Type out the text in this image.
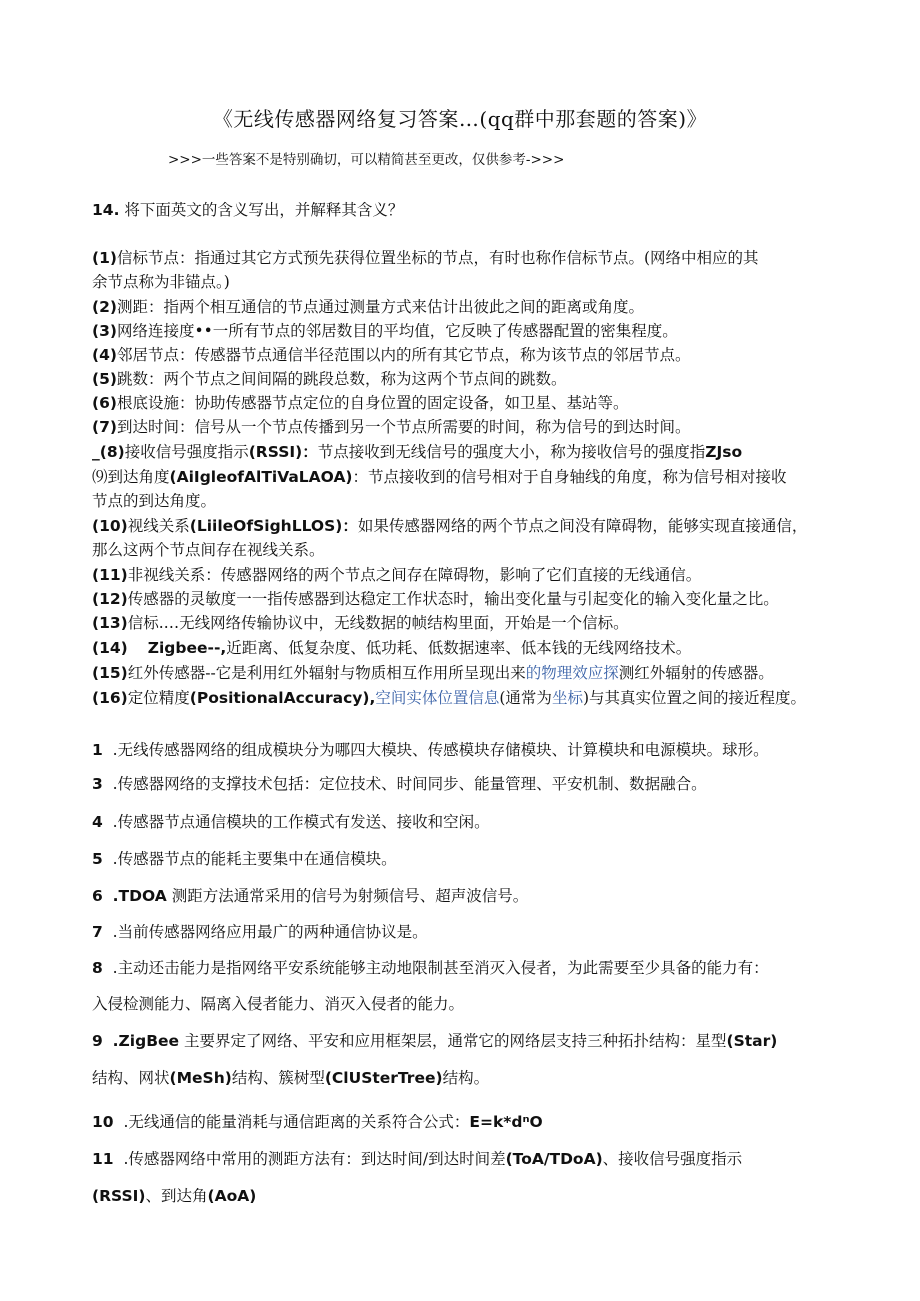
《无线传感器网络复习答案…(qq群中那套题的答案)》
>>>一些答案不是特别确切，可以精简甚至更改，仅供参考->>>
14. 将下面英文的含义写出，并解释其含义？
(1)信标节点：指通过其它方式预先获得位置坐标的节点，有时也称作信标节点。(网络中相应的其
余节点称为非锚点。)
(2)测距：指两个相互通信的节点通过测量方式来估计出彼此之间的距离或角度。
(3)网络连接度••一所有节点的邻居数目的平均值，它反映了传感器配置的密集程度。
(4)邻居节点：传感器节点通信半径范围以内的所有其它节点，称为该节点的邻居节点。
(5)跳数：两个节点之间间隔的跳段总数，称为这两个节点间的跳数。
(6)根底设施：协助传感器节点定位的自身位置的固定设备，如卫星、基站等。
(7)到达时间：信号从一个节点传播到另一个节点所需要的时间，称为信号的到达时间。
_(8)接收信号强度指示(RSSI)：节点接收到无线信号的强度大小，称为接收信号的强度指ZJso
⑼到达角度(AiIgleofAlTiVaLAOA)：节点接收到的信号相对于自身轴线的角度，称为信号相对接收
节点的到达角度。
(10)视线关系(LiileOfSighLLOS)：如果传感器网络的两个节点之间没有障碍物，能够实现直接通信，
那么这两个节点间存在视线关系。
(11)非视线关系：传感器网络的两个节点之间存在障碍物，影响了它们直接的无线通信。
(12)传感器的灵敏度一一指传感器到达稳定工作状态时，输出变化量与引起变化的输入变化量之比。
(13)信标.…无线网络传输协议中，无线数据的帧结构里面，开始是一个信标。
(14) Zigbee--,近距离、低复杂度、低功耗、低数据速率、低本钱的无线网络技术。
(15)红外传感器--它是利用红外辐射与物质相互作用所呈现出来的物理效应探测红外辐射的传感器。
(16)定位精度(PositionalAccuracy),空间实体位置信息(通常为坐标)与其真实位置之间的接近程度。
1 .无线传感器网络的组成模块分为哪四大模块、传感模块存储模块、计算模块和电源模块。球形。
3 .传感器网络的支撑技术包括：定位技术、时间同步、能量管理、平安机制、数据融合。
4 .传感器节点通信模块的工作模式有发送、接收和空闲。
5 .传感器节点的能耗主要集中在通信模块。
6 .TDOA 测距方法通常采用的信号为射频信号、超声波信号。
7 .当前传感器网络应用最广的两种通信协议是。
8 .主动还击能力是指网络平安系统能够主动地限制甚至消灭入侵者，为此需要至少具备的能力有：
入侵检测能力、隔离入侵者能力、消灭入侵者的能力。
9 .ZigBee 主要界定了网络、平安和应用框架层，通常它的网络层支持三种拓扑结构：星型(Star)
结构、网状(MeSh)结构、簇树型(ClUSterTree)结构。
10 .无线通信的能量消耗与通信距离的关系符合公式：E=k*dⁿO
11 .传感器网络中常用的测距方法有：到达时间/到达时间差(ToA/TDoA)、接收信号强度指示
(RSSI)、到达角(AoA)
